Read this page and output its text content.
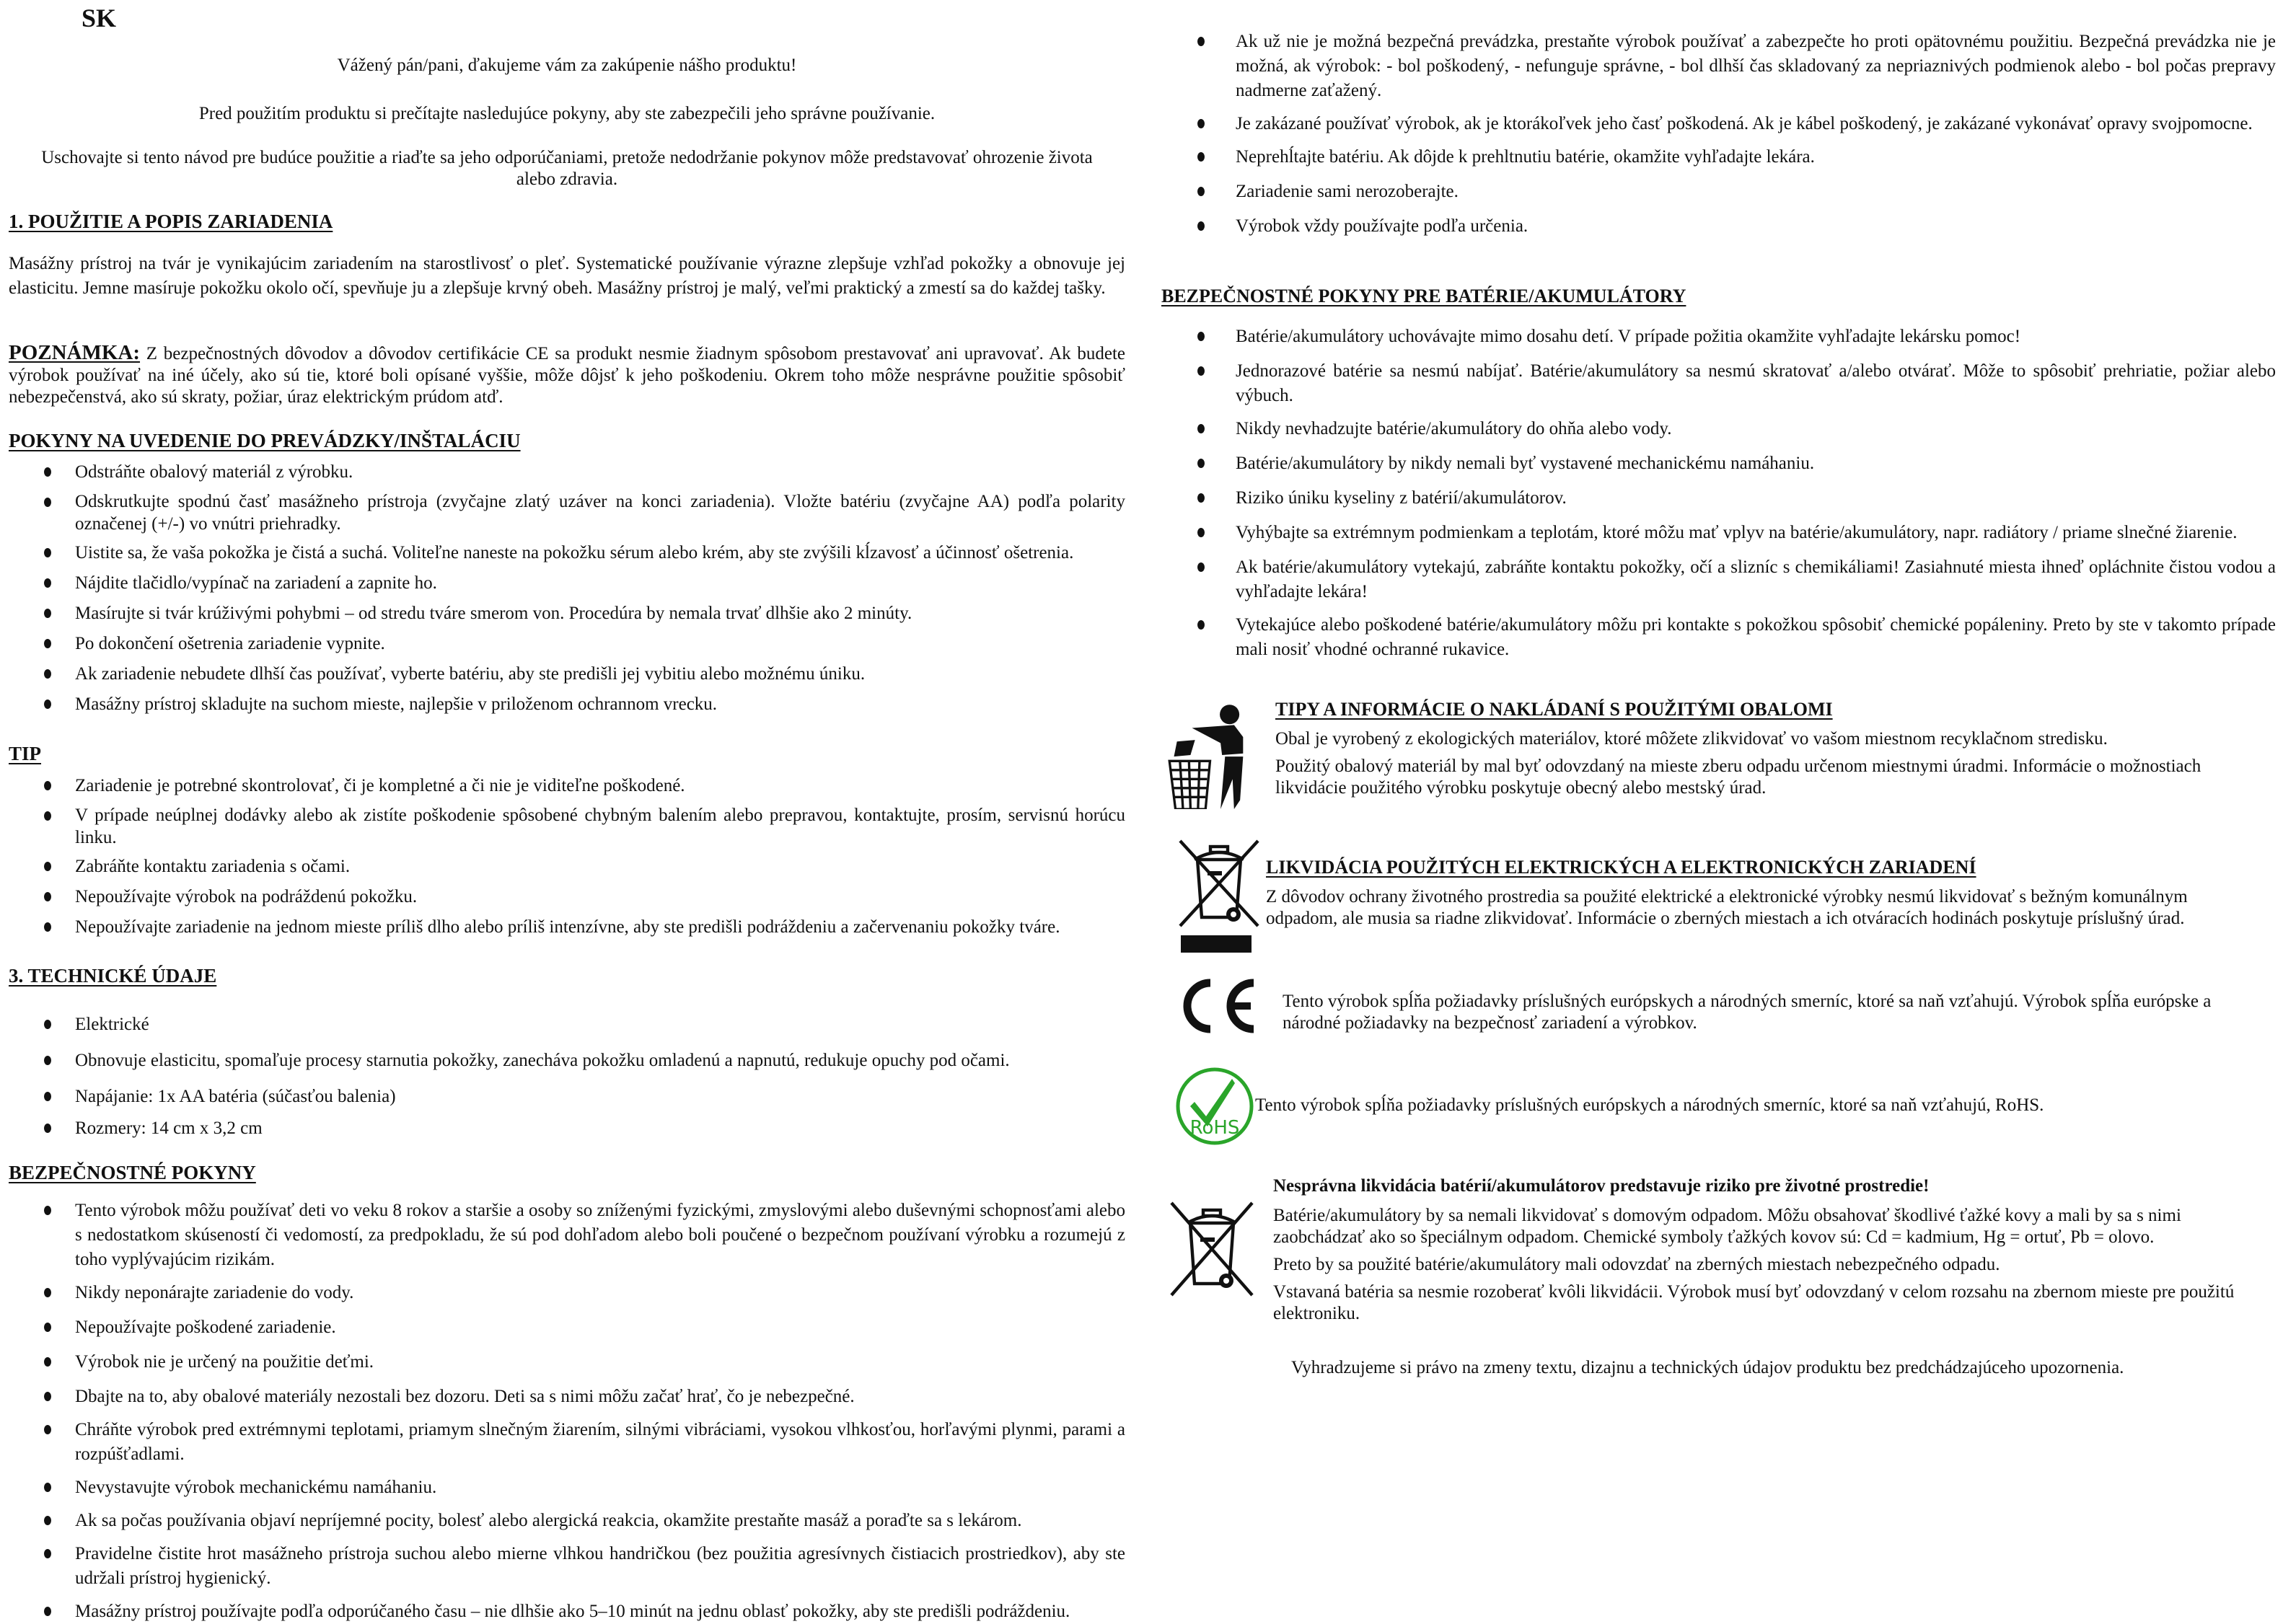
SK
Vážený pán/pani, ďakujeme vám za zakúpenie nášho produktu!
Pred použitím produktu si prečítajte nasledujúce pokyny, aby ste zabezpečili jeho správne používanie.
Uschovajte si tento návod pre budúce použitie a riaďte sa jeho odporúčaniami, pretože nedodržanie pokynov môže predstavovať ohrozenie života alebo zdravia.
1. POUŽITIE A POPIS ZARIADENIA
Masážny prístroj na tvár je vynikajúcim zariadením na starostlivosť o pleť. Systematické používanie výrazne zlepšuje vzhľad pokožky a obnovuje jej elasticitu. Jemne masíruje pokožku okolo očí, spevňuje ju a zlepšuje krvný obeh. Masážny prístroj je malý, veľmi praktický a zmestí sa do každej tašky.
POZNÁMKA: Z bezpečnostných dôvodov a dôvodov certifikácie CE sa produkt nesmie žiadnym spôsobom prestavovať ani upravovať. Ak budete výrobok používať na iné účely, ako sú tie, ktoré boli opísané vyššie, môže dôjsť k jeho poškodeniu. Okrem toho môže nesprávne použitie spôsobiť nebezpečenstvá, ako sú skraty, požiar, úraz elektrickým prúdom atď.
POKYNY NA UVEDENIE DO PREVÁDZKY/INŠTALÁCIU
Odstráňte obalový materiál z výrobku.
Odskrutkujte spodnú časť masážneho prístroja (zvyčajne zlatý uzáver na konci zariadenia). Vložte batériu (zvyčajne AA) podľa polarity označenej (+/-) vo vnútri priehradky.
Uistite sa, že vaša pokožka je čistá a suchá. Voliteľne naneste na pokožku sérum alebo krém, aby ste zvýšili kĺzavosť a účinnosť ošetrenia.
Nájdite tlačidlo/vypínač na zariadení a zapnite ho.
Masírujte si tvár krúživými pohybmi – od stredu tváre smerom von. Procedúra by nemala trvať dlhšie ako 2 minúty.
Po dokončení ošetrenia zariadenie vypnite.
Ak zariadenie nebudete dlhší čas používať, vyberte batériu, aby ste predišli jej vybitiu alebo možnému úniku.
Masážny prístroj skladujte na suchom mieste, najlepšie v priloženom ochrannom vrecku.
TIP
Zariadenie je potrebné skontrolovať, či je kompletné a či nie je viditeľne poškodené.
V prípade neúplnej dodávky alebo ak zistíte poškodenie spôsobené chybným balením alebo prepravou, kontaktujte, prosím, servisnú horúcu linku.
Zabráňte kontaktu zariadenia s očami.
Nepoužívajte výrobok na podráždenú pokožku.
Nepoužívajte zariadenie na jednom mieste príliš dlho alebo príliš intenzívne, aby ste predišli podráždeniu a začervenaniu pokožky tváre.
3. TECHNICKÉ ÚDAJE
Elektrické
Obnovuje elasticitu, spomaľuje procesy starnutia pokožky, zanecháva pokožku omladenú a napnutú, redukuje opuchy pod očami.
Napájanie: 1x AA batéria (súčasťou balenia)
Rozmery: 14 cm x 3,2 cm
BEZPEČNOSTNÉ POKYNY
Tento výrobok môžu používať deti vo veku 8 rokov a staršie a osoby so zníženými fyzickými, zmyslovými alebo duševnými schopnosťami alebo s nedostatkom skúseností či vedomostí, za predpokladu, že sú pod dohľadom alebo boli poučené o bezpečnom používaní výrobku a rozumejú z toho vyplývajúcim rizikám.
Nikdy neponárajte zariadenie do vody.
Nepoužívajte poškodené zariadenie.
Výrobok nie je určený na použitie deťmi.
Dbajte na to, aby obalové materiály nezostali bez dozoru. Deti sa s nimi môžu začať hrať, čo je nebezpečné.
Chráňte výrobok pred extrémnymi teplotami, priamym slnečným žiarením, silnými vibráciami, vysokou vlhkosťou, horľavými plynmi, parami a rozpúšťadlami.
Nevystavujte výrobok mechanickému namáhaniu.
Ak sa počas používania objaví nepríjemné pocity, bolesť alebo alergická reakcia, okamžite prestaňte masáž a poraďte sa s lekárom.
Pravidelne čistite hrot masážneho prístroja suchou alebo mierne vlhkou handričkou (bez použitia agresívnych čistiacich prostriedkov), aby ste udržali prístroj hygienický.
Masážny prístroj používajte podľa odporúčaného času – nie dlhšie ako 5–10 minút na jednu oblasť pokožky, aby ste predišli podráždeniu.
Ak už nie je možná bezpečná prevádzka, prestaňte výrobok používať a zabezpečte ho proti opätovnému použitiu. Bezpečná prevádzka nie je možná, ak výrobok: - bol poškodený, - nefunguje správne, - bol dlhší čas skladovaný za nepriaznivých podmienok alebo - bol počas prepravy nadmerne zaťažený.
Je zakázané používať výrobok, ak je ktorákoľvek jeho časť poškodená. Ak je kábel poškodený, je zakázané vykonávať opravy svojpomocne.
Neprehĺtajte batériu. Ak dôjde k prehltnutiu batérie, okamžite vyhľadajte lekára.
Zariadenie sami nerozoberajte.
Výrobok vždy používajte podľa určenia.
BEZPEČNOSTNÉ POKYNY PRE BATÉRIE/AKUMULÁTORY
Batérie/akumulátory uchovávajte mimo dosahu detí. V prípade požitia okamžite vyhľadajte lekársku pomoc!
Jednorazové batérie sa nesmú nabíjať. Batérie/akumulátory sa nesmú skratovať a/alebo otvárať. Môže to spôsobiť prehriatie, požiar alebo výbuch.
Nikdy nevhadzujte batérie/akumulátory do ohňa alebo vody.
Batérie/akumulátory by nikdy nemali byť vystavené mechanickému namáhaniu.
Riziko úniku kyseliny z batérií/akumulátorov.
Vyhýbajte sa extrémnym podmienkam a teplotám, ktoré môžu mať vplyv na batérie/akumulátory, napr. radiátory / priame slnečné žiarenie.
Ak batérie/akumulátory vytekajú, zabráňte kontaktu pokožky, očí a slizníc s chemikáliami! Zasiahnuté miesta ihneď opláchnite čistou vodou a vyhľadajte lekára!
Vytekajúce alebo poškodené batérie/akumulátory môžu pri kontakte s pokožkou spôsobiť chemické popáleniny. Preto by ste v takomto prípade mali nosiť vhodné ochranné rukavice.
TIPY A INFORMÁCIE O NAKLÁDANÍ S POUŽITÝMI OBALOMI
Obal je vyrobený z ekologických materiálov, ktoré môžete zlikvidovať vo vašom miestnom recyklačnom stredisku.
Použitý obalový materiál by mal byť odovzdaný na mieste zberu odpadu určenom miestnymi úradmi. Informácie o možnostiach likvidácie použitého výrobku poskytuje obecný alebo mestský úrad.
LIKVIDÁCIA POUŽITÝCH ELEKTRICKÝCH A ELEKTRONICKÝCH ZARIADENÍ
Z dôvodov ochrany životného prostredia sa použité elektrické a elektronické výrobky nesmú likvidovať s bežným komunálnym odpadom, ale musia sa riadne zlikvidovať. Informácie o zberných miestach a ich otváracích hodinách poskytuje príslušný úrad.
Tento výrobok spĺňa požiadavky príslušných európskych a národných smerníc, ktoré sa naň vzťahujú. Výrobok spĺňa európske a národné požiadavky na bezpečnosť zariadení a výrobkov.
RoHS
Tento výrobok spĺňa požiadavky príslušných európskych a národných smerníc, ktoré sa naň vzťahujú, RoHS.
Nesprávna likvidácia batérií/akumulátorov predstavuje riziko pre životné prostredie!
Batérie/akumulátory by sa nemali likvidovať s domovým odpadom. Môžu obsahovať škodlivé ťažké kovy a mali by sa s nimi zaobchádzať ako so špeciálnym odpadom. Chemické symboly ťažkých kovov sú: Cd = kadmium, Hg = ortuť, Pb = olovo.
Preto by sa použité batérie/akumulátory mali odovzdať na zberných miestach nebezpečného odpadu.
Vstavaná batéria sa nesmie rozoberať kvôli likvidácii. Výrobok musí byť odovzdaný v celom rozsahu na zbernom mieste pre použitú elektroniku.
Vyhradzujeme si právo na zmeny textu, dizajnu a technických údajov produktu bez predchádzajúceho upozornenia.
